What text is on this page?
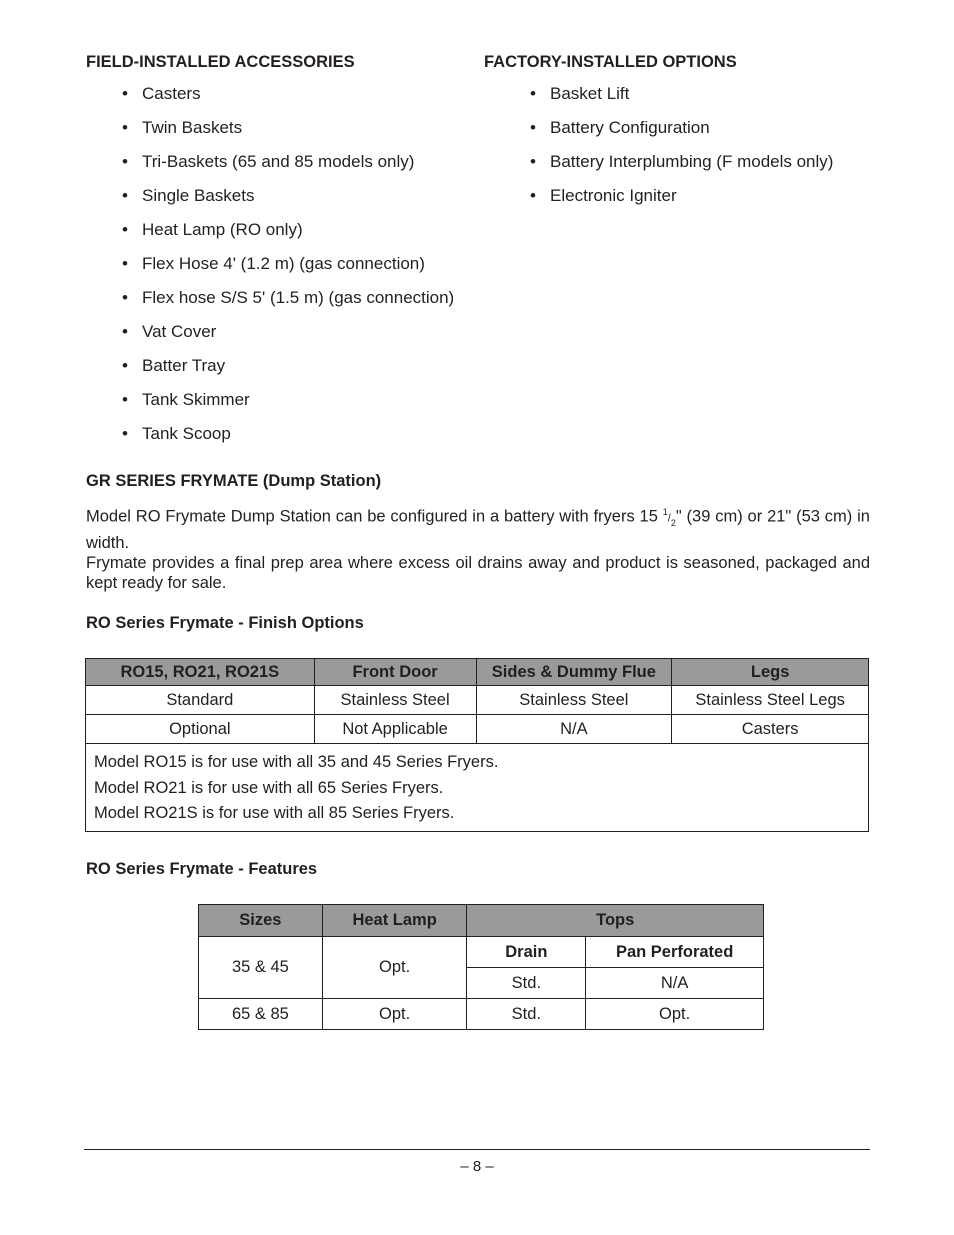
FIELD-INSTALLED ACCESSORIES
• Casters
• Twin Baskets
• Tri-Baskets (65 and 85 models only)
• Single Baskets
• Heat Lamp (RO only)
• Flex Hose 4' (1.2 m) (gas connection)
• Flex hose S/S 5' (1.5 m) (gas connection)
• Vat Cover
• Batter Tray
• Tank Skimmer
• Tank Scoop
FACTORY-INSTALLED OPTIONS
• Basket Lift
• Battery Configuration
• Battery Interplumbing (F models only)
• Electronic Igniter
GR SERIES FRYMATE (Dump Station)

Model RO Frymate Dump Station can be configured in a battery with fryers 15 $^1/_2$" (39 cm) or 21" (53 cm) in width.

Frymate provides a final prep area where excess oil drains away and product is seasoned, packaged and kept ready for sale.

RO Series Frymate - Finish Options
RO15, RO21, RO21S	Front Door	Sides & Dummy Flue	Legs
Standard	Stainless Steel	Stainless Steel	Stainless Steel Legs
Optional	Not Applicable	N/A	Casters

Model RO15 is for use with all 35 and 45 Series Fryers.
Model RO21 is for use with all 65 Series Fryers.
Model RO21S is for use with all 85 Series Fryers.			
RO Series Frymate - Features
Sizes	Heat Lamp	Tops	
35 & 45	Opt.	Drain	Pan Perforated
		Std.	N/A
65 & 85	Opt.	Std.	Opt.
– 8 –
